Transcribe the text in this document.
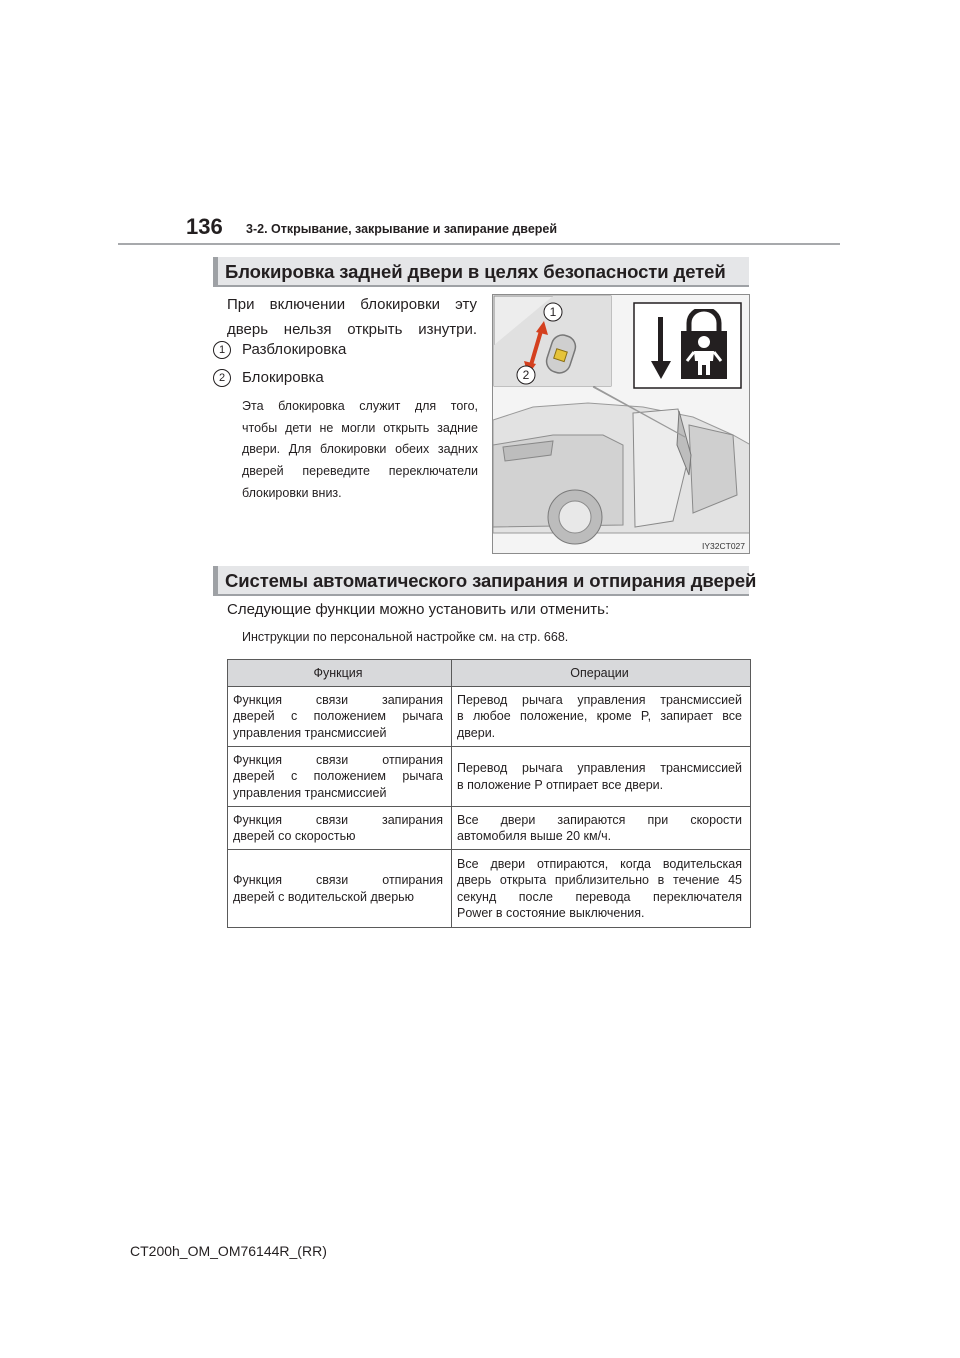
136 3-2. Открывание, закрывание и запирание дверей
Блокировка задней двери в целях безопасности детей
При включении блокировки эту
дверь нельзя открыть изнутри.
1	Разблокировка
2	Блокировка
Эта блокировка служит для того,
чтобы дети не могли открыть задние
двери. Для блокировки обеих задних
дверей переведите переключатели
блокировки вниз.
1
2
IY32CT027
Системы автоматического запирания и отпирания дверей
Следующие функции можно установить или отменить:
Инструкции по персональной настройке см. на стр. 668.
Функция	Операции

Функция связи запирания
дверей с положением рычага
управления трансмиссией	Перевод рычага управления трансмиссией
в любое положение, кроме P, запирает все
двери.

Функция связи отпирания
дверей с положением рычага
управления трансмиссией	Перевод рычага управления трансмиссией
в положение P отпирает все двери.

Функция связи запирания
дверей со скоростью	Все двери запираются при скорости
автомобиля выше 20 км/ч.

Функция связи отпирания
дверей с водительской дверью	Все двери отпираются, когда водительская
дверь открыта приблизительно в течение 45
секунд после перевода переключателя
Power в состояние выключения.
CT200h_OM_OM76144R_(RR)
